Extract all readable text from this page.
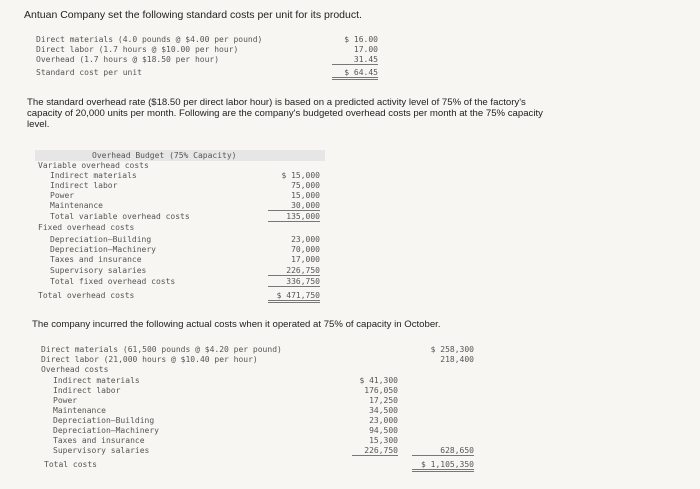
Antuan Company set the following standard costs per unit for its product.
Direct materials (4.0 pounds @ $4.00 per pound)	$ 16.00
Direct labor (1.7 hours @ $10.00 per hour)	17.00
Overhead (1.7 hours @ $18.50 per hour)	31.45
Standard cost per unit	$ 64.45
The standard overhead rate ($18.50 per direct labor hour) is based on a predicted activity level of 75% of the factory's
capacity of 20,000 units per month. Following are the company's budgeted overhead costs per month at the 75% capacity
level.
Overhead Budget (75% Capacity)
Variable overhead costs
Indirect materials	$ 15,000
Indirect labor	75,000
Power	15,000
Maintenance	30,000
Total variable overhead costs	135,000
Fixed overhead costs
Depreciation—Building	23,000
Depreciation—Machinery	70,000
Taxes and insurance	17,000
Supervisory salaries	226,750
Total fixed overhead costs	336,750
Total overhead costs	$ 471,750
The company incurred the following actual costs when it operated at 75% of capacity in October.
Direct materials (61,500 pounds @ $4.20 per pound)	$ 258,300
Direct labor (21,000 hours @ $10.40 per hour)	218,400
Overhead costs
Indirect materials	$ 41,300
Indirect labor	176,050
Power	17,250
Maintenance	34,500
Depreciation—Building	23,000
Depreciation—Machinery	94,500
Taxes and insurance	15,300
Supervisory salaries	226,750	628,650
Total costs	$ 1,105,350
